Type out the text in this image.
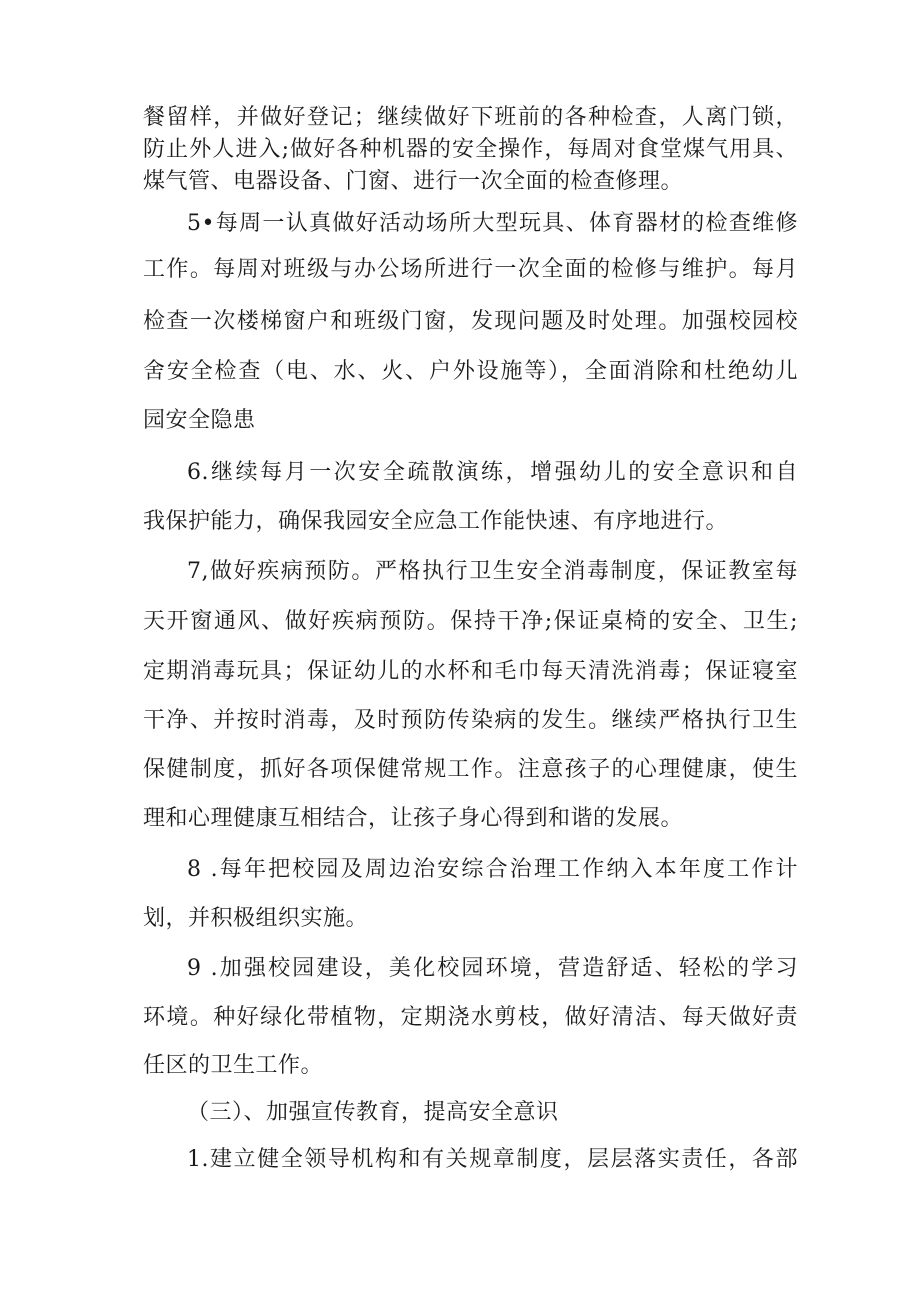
餐留样，并做好登记；继续做好下班前的各种检查，人离门锁，

防止外人进入;做好各种机器的安全操作，每周对食堂煤气用具、

煤气管、电器设备、门窗、进行一次全面的检查修理。

5•每周一认真做好活动场所大型玩具、体育器材的检查维修

工作。每周对班级与办公场所进行一次全面的检修与维护。每月

检查一次楼梯窗户和班级门窗，发现问题及时处理。加强校园校

舍安全检查（电、水、火、户外设施等），全面消除和杜绝幼儿

园安全隐患

6.继续每月一次安全疏散演练，增强幼儿的安全意识和自

我保护能力，确保我园安全应急工作能快速、有序地进行。

7,做好疾病预防。严格执行卫生安全消毒制度，保证教室每

天开窗通风、做好疾病预防。保持干净;保证桌椅的安全、卫生;

定期消毒玩具；保证幼儿的水杯和毛巾每天清洗消毒；保证寝室

干净、并按时消毒，及时预防传染病的发生。继续严格执行卫生

保健制度，抓好各项保健常规工作。注意孩子的心理健康，使生

理和心理健康互相结合，让孩子身心得到和谐的发展。

8 .每年把校园及周边治安综合治理工作纳入本年度工作计

划，并积极组织实施。

9 .加强校园建设，美化校园环境，营造舒适、轻松的学习

环境。种好绿化带植物，定期浇水剪枝，做好清洁、每天做好责

任区的卫生工作。

（三）、加强宣传教育，提高安全意识

1.建立健全领导机构和有关规章制度，层层落实责任，各部
